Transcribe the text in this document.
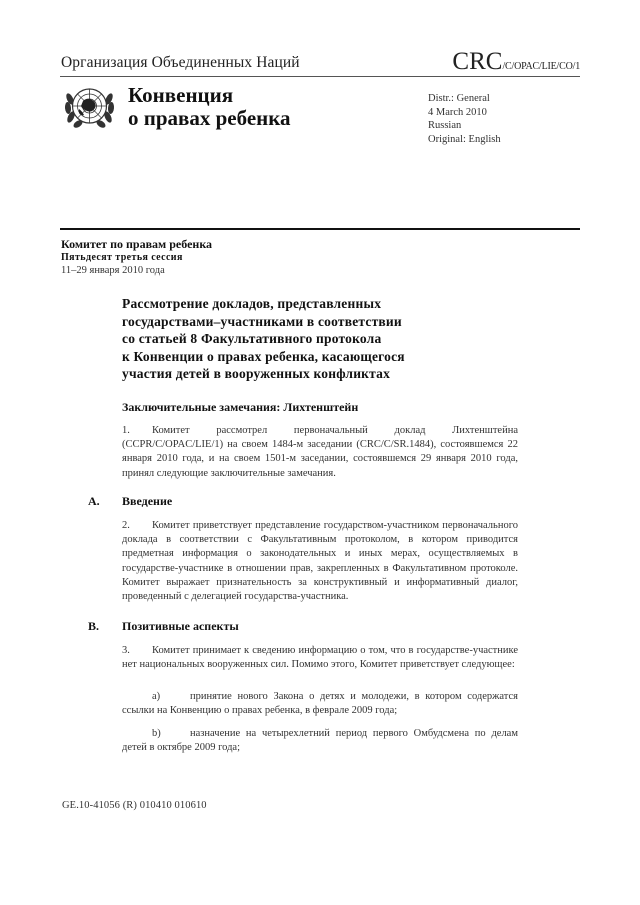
Организация Объединенных Наций	CRC/C/OPAC/LIE/CO/1
Конвенция
о правах ребенка
Distr.: General
4 March 2010
Russian
Original: English
Комитет по правам ребенка
Пятьдесят третья сессия
11–29 января 2010 года
Рассмотрение докладов, представленных
государствами–участниками в соответствии
со статьей 8 Факультативного протокола
к Конвенции о правах ребенка, касающегося
участия детей в вооруженных конфликтах
Заключительные замечания: Лихтенштейн
1. Комитет рассмотрел первоначальный доклад Лихтенштейна (CCPR/C/OPAC/LIE/1) на своем 1484-м заседании (CRC/C/SR.1484), состоявшемся 22 января 2010 года, и на своем 1501-м заседании, состоявшемся 29 января 2010 года, принял следующие заключительные замечания.
A. Введение
2. Комитет приветствует представление государством-участником первоначального доклада в соответствии с Факультативным протоколом, в котором приводится предметная информация о законодательных и иных мерах, осуществляемых в государстве-участнике в отношении прав, закрепленных в Факультативном протоколе. Комитет выражает признательность за конструктивный и информативный диалог, проведенный с делегацией государства-участника.
B. Позитивные аспекты
3. Комитет принимает к сведению информацию о том, что в государстве-участнике нет национальных вооруженных сил. Помимо этого, Комитет приветствует следующее:
a)	принятие нового Закона о детях и молодежи, в котором содержатся ссылки на Конвенцию о правах ребенка, в феврале 2009 года;
b)	назначение на четырехлетний период первого Омбудсмена по делам детей в октябре 2009 года;
GE.10-41056 (R) 010410 010610
